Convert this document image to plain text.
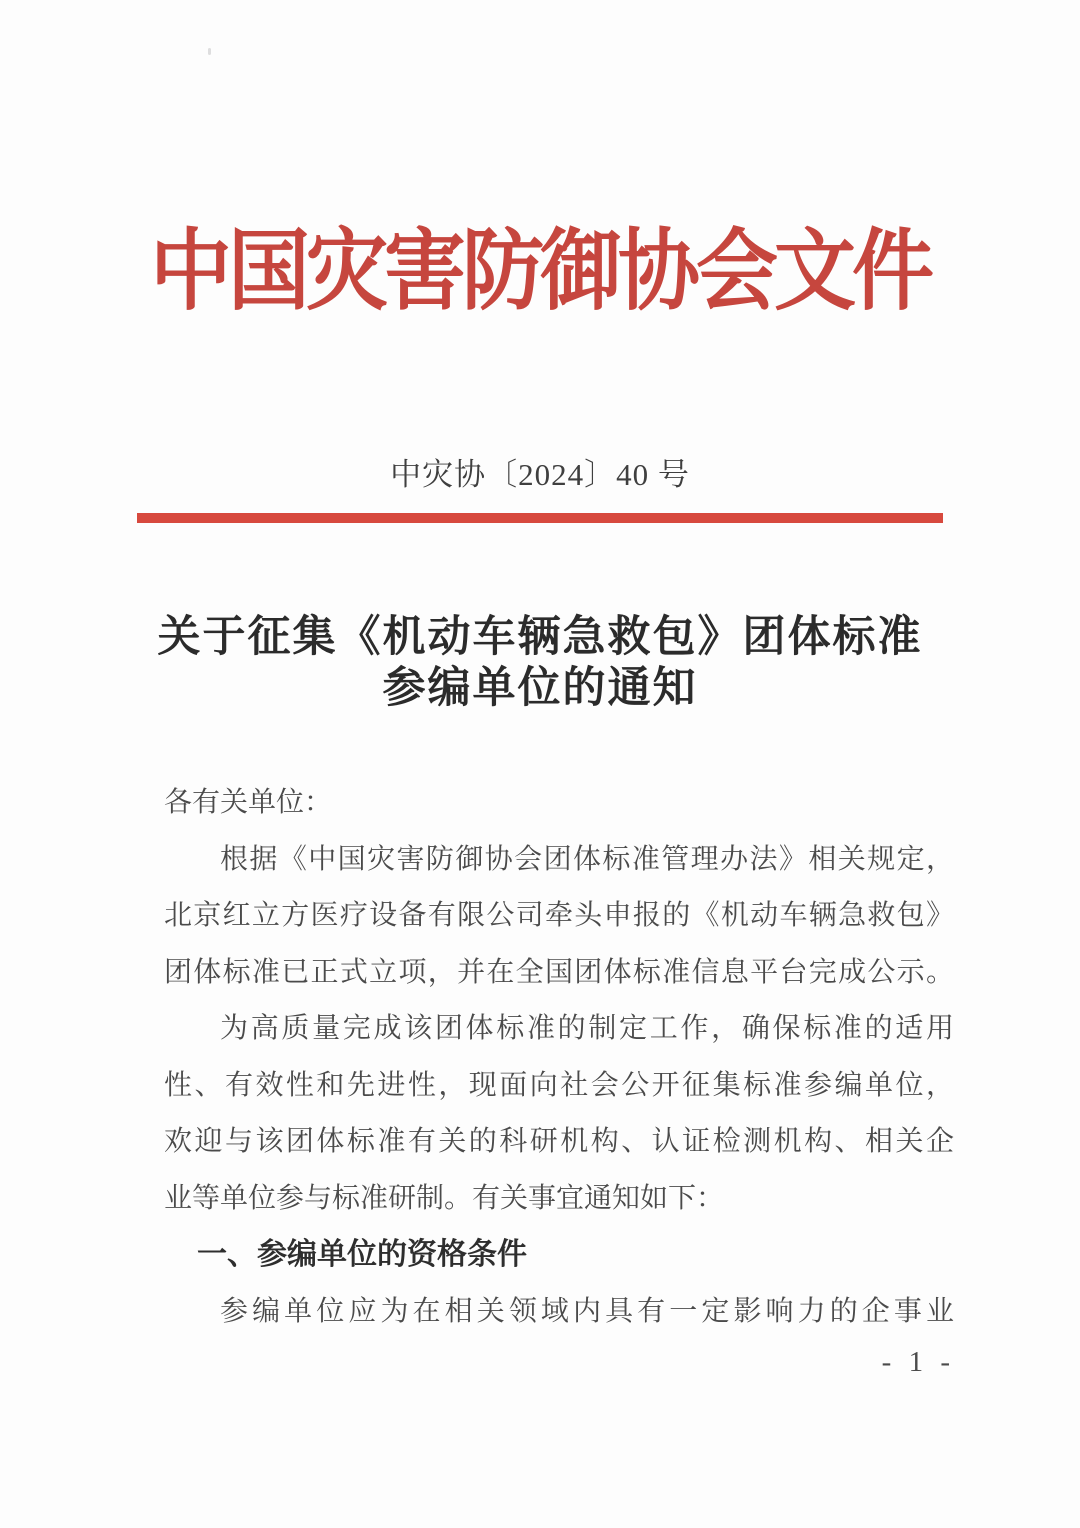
中国灾害防御协会文件
中灾协〔2024〕40 号
关于征集《机动车辆急救包》团体标准
参编单位的通知
各有关单位：
根据《中国灾害防御协会团体标准管理办法》相关规定，
北京红立方医疗设备有限公司牵头申报的《机动车辆急救包》
团体标准已正式立项，并在全国团体标准信息平台完成公示。
为高质量完成该团体标准的制定工作，确保标准的适用
性、有效性和先进性，现面向社会公开征集标准参编单位，
欢迎与该团体标准有关的科研机构、认证检测机构、相关企
业等单位参与标准研制。有关事宜通知如下：
一、参编单位的资格条件
参编单位应为在相关领域内具有一定影响力的企事业
- 1 -
